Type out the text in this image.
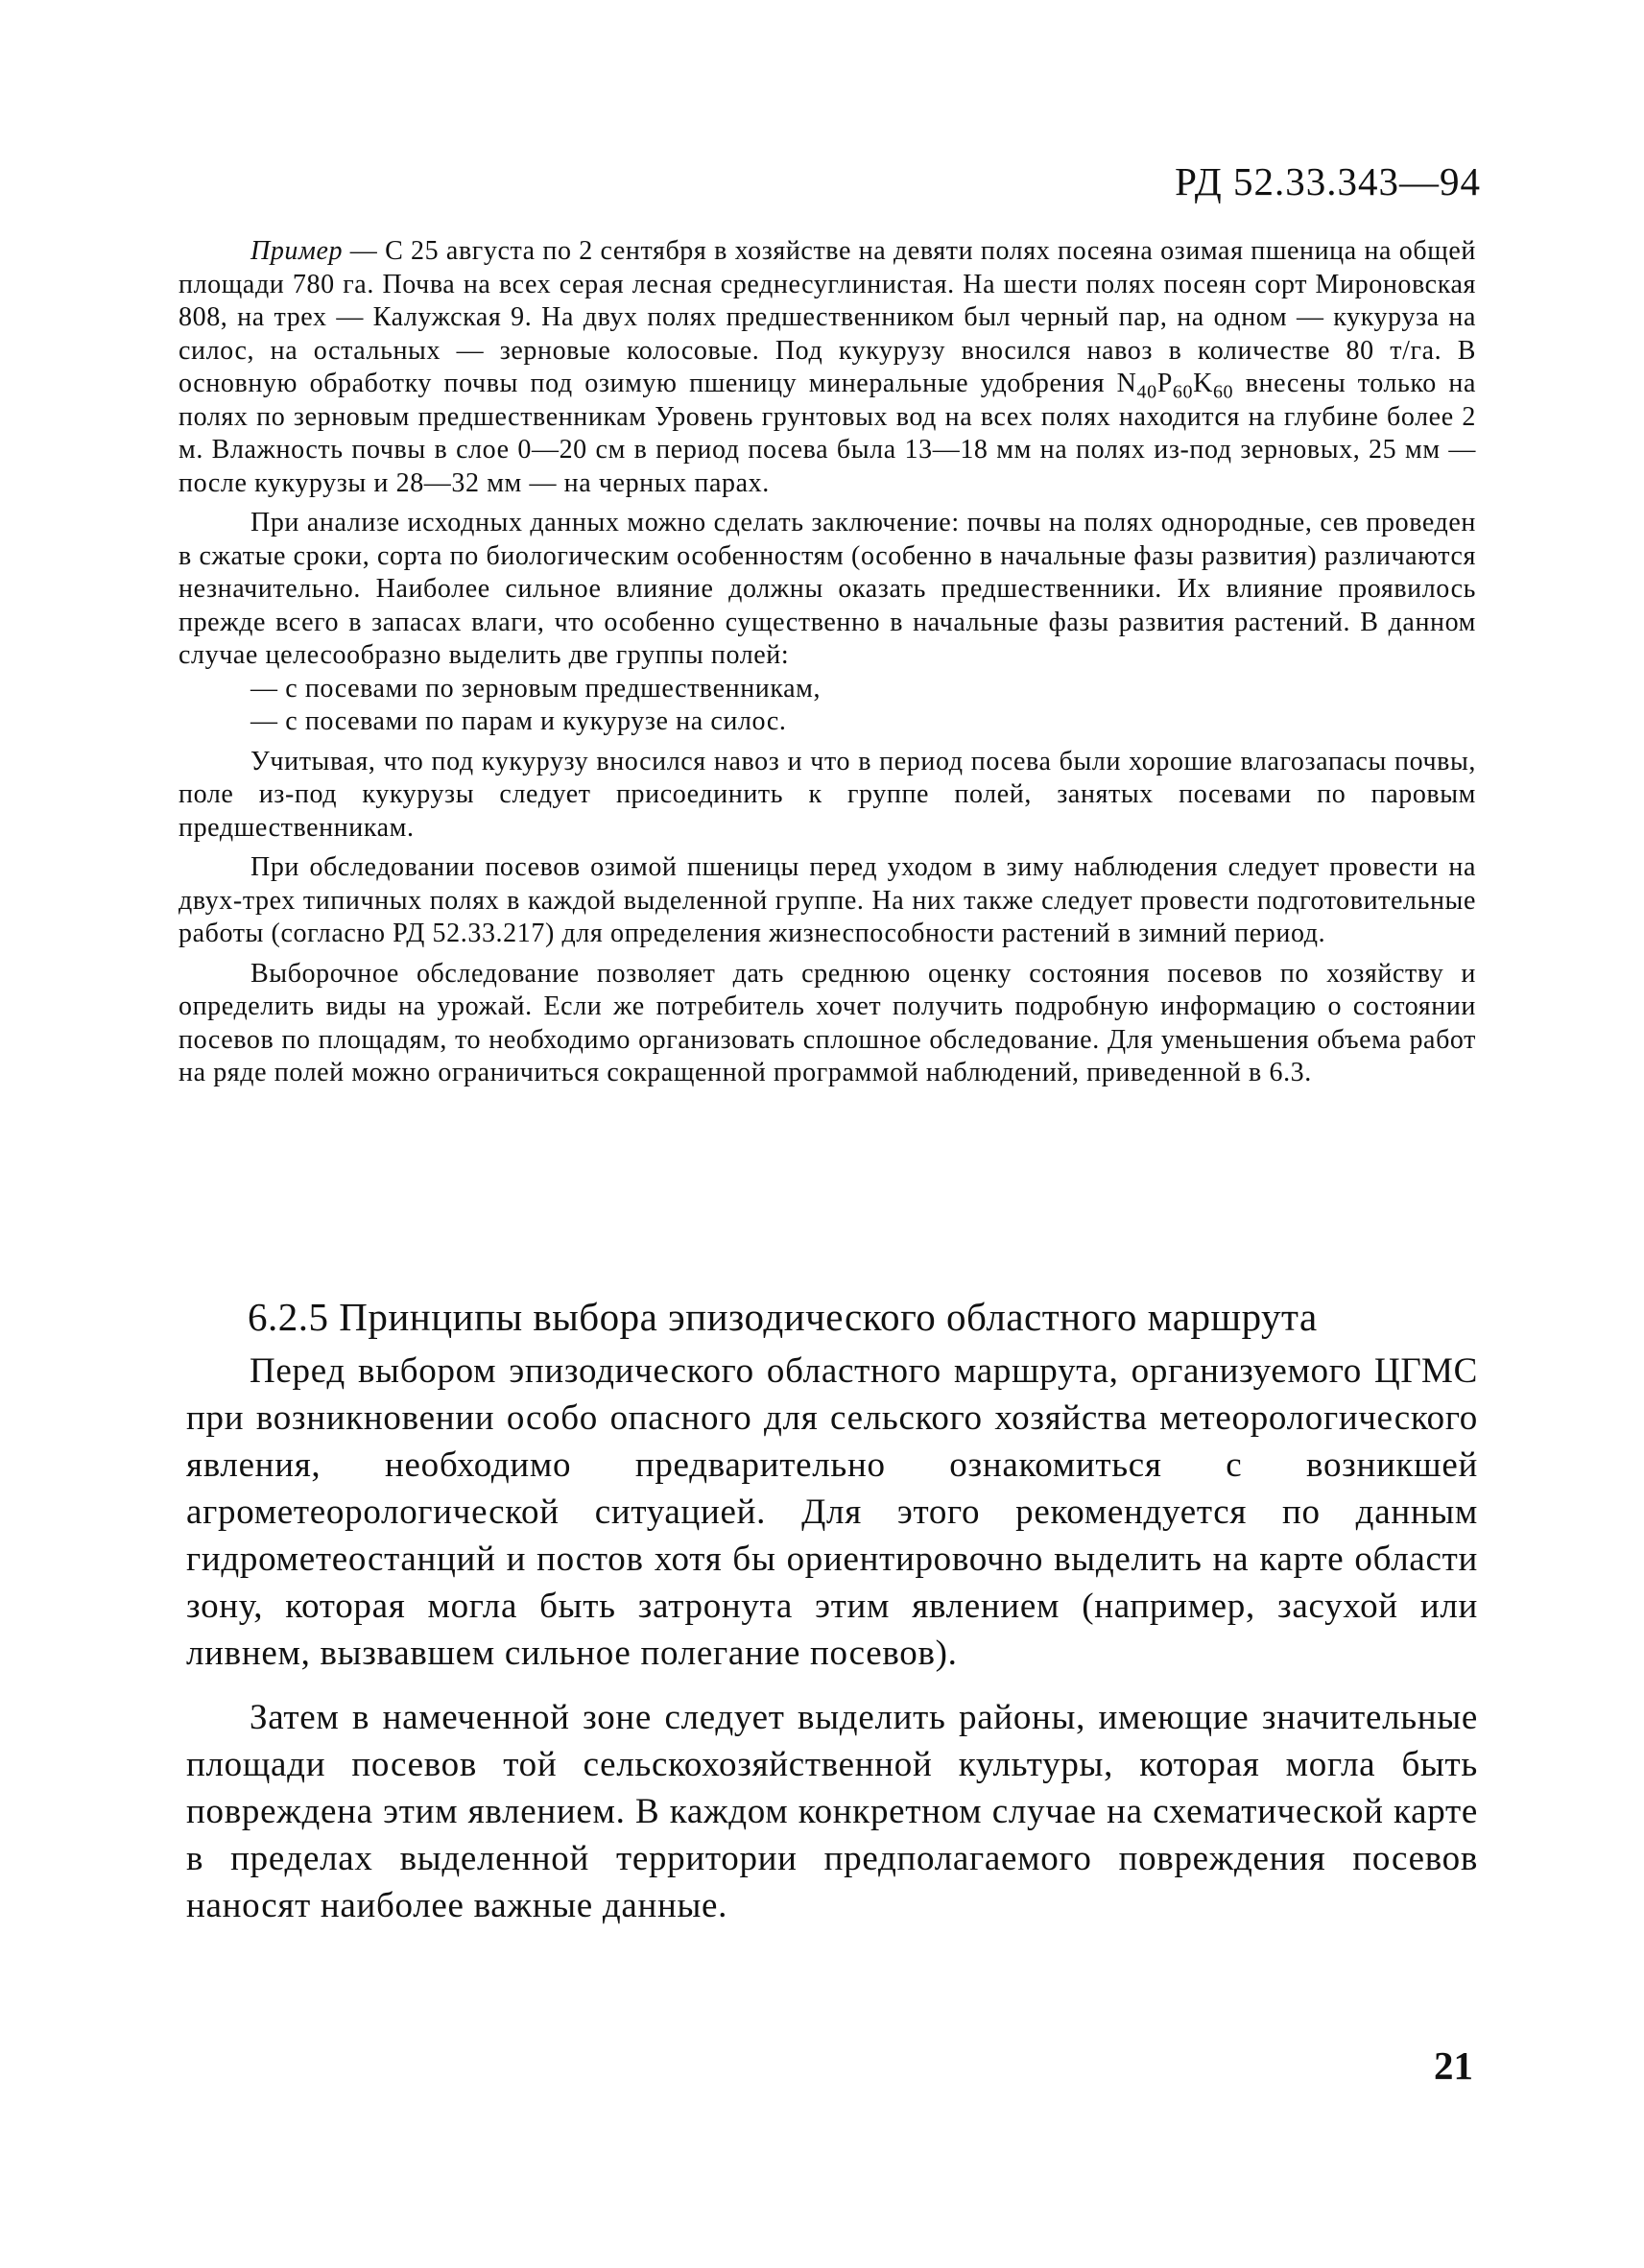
РД 52.33.343—94

Пример — С 25 августа по 2 сентября в хозяйстве на девяти полях посеяна озимая пшеница на общей площади 780 га. Почва на всех серая лесная среднесуглинистая. На шести полях посеян сорт Мироновская 808, на трех — Калужская 9. На двух полях предшественником был черный пар, на одном — кукуруза на силос, на остальных — зерновые колосовые. Под кукурузу вносился навоз в количестве 80 т/га. В основную обработку почвы под озимую пшеницу минеральные удобрения $N_{40}P_{60}K_{60}$ внесены только на полях по зерновым предшественникам Уровень грунтовых вод на всех полях находится на глубине более 2 м. Влажность почвы в слое 0—20 см в период посева была 13—18 мм на полях из-под зерновых, 25 мм — после кукурузы и 28—32 мм — на черных парах.

При анализе исходных данных можно сделать заключение: почвы на полях однородные, сев проведен в сжатые сроки, сорта по биологическим особенностям (особенно в начальные фазы развития) различаются незначительно. Наиболее сильное влияние должны оказать предшественники. Их влияние проявилось прежде всего в запасах влаги, что особенно существенно в начальные фазы развития растений. В данном случае целесообразно выделить две группы полей:

— с посевами по зерновым предшественникам,

— с посевами по парам и кукурузе на силос.

Учитывая, что под кукурузу вносился навоз и что в период посева были хорошие влагозапасы почвы, поле из-под кукурузы следует присоединить к группе полей, занятых посевами по паровым предшественникам.

При обследовании посевов озимой пшеницы перед уходом в зиму наблюдения следует провести на двух-трех типичных полях в каждой выделенной группе. На них также следует провести подготовительные работы (согласно РД 52.33.217) для определения жизнеспособности растений в зимний период.

Выборочное обследование позволяет дать среднюю оценку состояния посевов по хозяйству и определить виды на урожай. Если же потребитель хочет получить подробную информацию о состоянии посевов по площадям, то необходимо организовать сплошное обследование. Для уменьшения объема работ на ряде полей можно ограничиться сокращенной программой наблюдений, приведенной в 6.3.

6.2.5 Принципы выбора эпизодического областного маршрута

Перед выбором эпизодического областного маршрута, организуемого ЦГМС при возникновении особо опасного для сельского хозяйства метеорологического явления, необходимо предварительно ознакомиться с возникшей агрометеорологической ситуацией. Для этого рекомендуется по данным гидрометеостанций и постов хотя бы ориентировочно выделить на карте области зону, которая могла быть затронута этим явлением (например, засухой или ливнем, вызвавшем сильное полегание посевов).

Затем в намеченной зоне следует выделить районы, имеющие значительные площади посевов той сельскохозяйственной культуры, которая могла быть повреждена этим явлением. В каждом конкретном случае на схематической карте в пределах выделенной территории предполагаемого повреждения посевов наносят наиболее важные данные.

21
